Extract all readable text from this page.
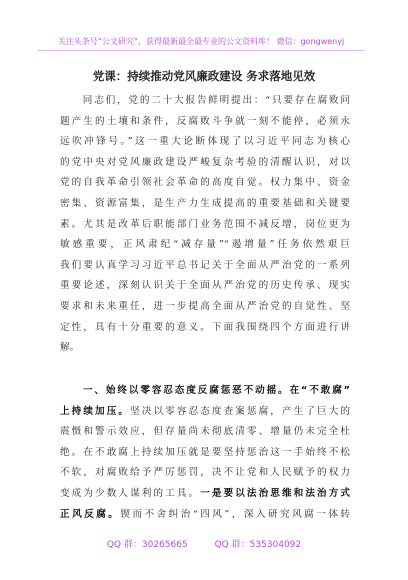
关注头条号“公文研究”，获得最新最全最专业的公文资料库！ 微信：gongwenyj
党课：持续推动党风廉政建设 务求落地见效
　　同志们，党的二十大报告鲜明提出：“只要存在腐败问
题产生的土壤和条件，反腐败斗争就一刻不能停，必须永
远吹冲锋号。”这一重大论断体现了以习近平同志为核心
的党中央对党风廉政建设严峻复杂考验的清醒认识，对以
党的自我革命引领社会革命的高度自觉。权力集中、资金
密集、资源富集，是生产力生成提高的重要基础和关键要
素。尤其是改革后职能部门业务范围不减反增，岗位更为
敏感重要，正风肃纪“减存量”“遏增量”任务依然艰巨
我们要认真学习习近平总书记关于全面从严治党的一系列
重要论述，深刻认识关于全面从严治党的历史传承、现实
要求和未来重任，进一步提高全面从严治党的自觉性、坚
定性，具有十分重要的意义。下面我围绕四个方面进行讲
解。
　　一、始终以零容忍态度反腐惩恶不动摇。在“不敢腐”
上持续加压。坚决以零容忍态度查案惩腐，产生了巨大的
震慑和警示效应，但存量尚未彻底清零、增量仍未完全杜
绝。在不敢腐上持续加压就是要坚持惩治这一手始终不松
不软，对腐败给予严厉惩罚，决不让党和人民赋予的权力
变成为少数人谋利的工具。一是要以法治思维和法治方式
正风反腐。锲而不舍纠治“四风”，深入研究风腐一体转
QQ 群：30265665	QQ 群：535304092
